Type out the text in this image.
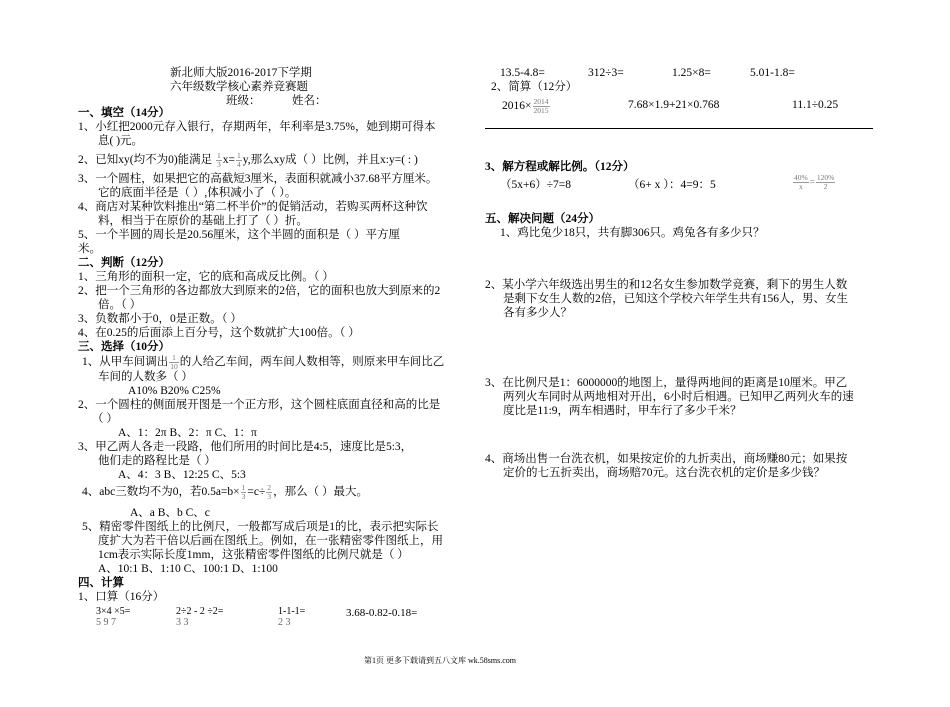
新北师大版2016-2017下学期
六年级数学核心素养竞赛题
班级：	姓名：
一、填空（14分）
1、小红把2000元存入银行，存期两年，年利率是3.75%，她到期可得本
息( )元。
2、已知xy(均不为0)能满足 $\frac{1}{3} x= \frac{1}{4} y$,那么xy成（ ）比例，并且x:y=( : )
3、一个圆柱，如果把它的高截短3厘米，表面积就减小37.68平方厘米。
它的底面半径是（ ）,体积减小了（ ）。
4、商店对某种饮料推出“第二杯半价”的促销活动，若购买两杯这种饮
料，相当于在原价的基础上打了（ ）折。
5、一个半圆的周长是20.56厘米，这个半圆的面积是（ ）平方厘
米。
二、判断（12分）
1、三角形的面积一定，它的底和高成反比例。（ ）
2、把一个三角形的各边都放大到原来的2倍，它的面积也放大到原来的2
倍。（ ）
3、负数都小于0，0是正数。（ ）
4、在0.25的后面添上百分号，这个数就扩大100倍。（ ）
三、选择（10分）
1、从甲车间调出 $\frac{1}{10}$ 的人给乙车间，两车间人数相等，则原来甲车间比乙
车间的人数多（ ）
A10% B20% C25%
2、一个圆柱的侧面展开图是一个正方形，这个圆柱底面直径和高的比是
（ ）
A、1：2π B、2：π C、1：π
3、甲乙两人各走一段路，他们所用的时间比是4:5，速度比是5:3，
他们走的路程比是（ ）
A、4：3 B、12:25 C、5:3
4、abc三数均不为0，若$0.5a=b\times \frac{1}{3} =c\div \frac{2}{3}$ ，那么（ ）最大。
A、a B、b C、c
5、精密零件图纸上的比例尺，一般都写成后项是1的比，表示把实际长
度扩大为若干倍以后画在图纸上。例如，在一张精密零件图纸上，用
1cm表示实际长度1mm，这张精密零件图纸的比例尺就是（ ）
A、10:1 B、1:10 C、100:1 D、1:100
四、计算
1、口算（16分）
3×4 ×5=
5 9 7
2÷2 - 2 ÷2=
3 3
1-1-1=
2 3
3.68-0.82-0.18=
13.5-4.8=	312÷3=	1.25×8=	5.01-1.8=
2、简算（12分）
$2016\times \frac{2014}{2015}$	7.68×1.9+21×0.768	11.1÷0.25
3、解方程或解比例。（12分）
（5x+6）÷7=8	（6+ x ）：4=9：5	$\frac{40\%}{x} = \frac{120\%}{2}$
五、解决问题（24分）
1、鸡比兔少18只，共有脚306只。鸡兔各有多少只？
2、某小学六年级选出男生的和12名女生参加数学竞赛，剩下的男生人数
是剩下女生人数的2倍，已知这个学校六年学生共有156人，男、女生
各有多少人？
3、在比例尺是1：6000000的地图上，量得两地间的距离是10厘米。甲乙
两列火车同时从两地相对开出，6小时后相遇。已知甲乙两列火车的速
度比是11:9，两车相遇时，甲车行了多少千米？
4、商场出售一台洗衣机，如果按定价的九折卖出，商场赚80元；如果按
定价的七五折卖出，商场赔70元。这台洗衣机的定价是多少钱？
第1页 更多下载请到五八文库 wk.58sms.com
